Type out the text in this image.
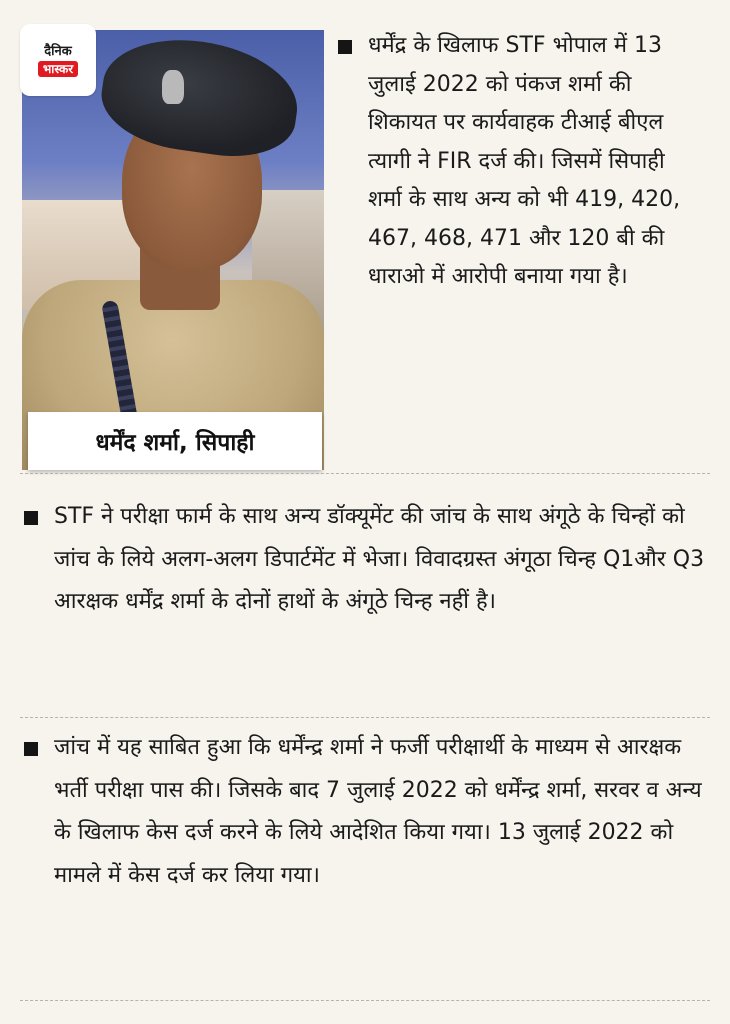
दैनिक
भास्कर
धर्मेंद शर्मा, सिपाही
धर्मेंद्र के खिलाफ STF भोपाल में 13 जुलाई 2022 को पंकज शर्मा की शिकायत पर कार्यवाहक टीआई बीएल त्यागी ने FIR दर्ज की। जिसमें सिपाही शर्मा के साथ अन्य को भी 419, 420, 467, 468, 471 और 120 बी की धाराओ में आरोपी बनाया गया है।
STF ने परीक्षा फार्म के साथ अन्य डॉक्यूमेंट की जांच के साथ अंगूठे के चिन्हों को जांच के लिये अलग-अलग डिपार्टमेंट में भेजा। विवादग्रस्त अंगूठा चिन्ह Q1और Q3 आरक्षक धर्मेंद्र शर्मा के दोनों हाथों के अंगूठे चिन्ह नहीं है।
जांच में यह साबित हुआ कि धर्मेंन्द्र शर्मा ने फर्जी परीक्षार्थी के माध्यम से आरक्षक भर्ती परीक्षा पास की। जिसके बाद 7 जुलाई 2022 को धर्मेंन्द्र शर्मा, सरवर व अन्य के खिलाफ केस दर्ज करने के लिये आदेशित किया गया। 13 जुलाई 2022 को मामले में केस दर्ज कर लिया गया।
